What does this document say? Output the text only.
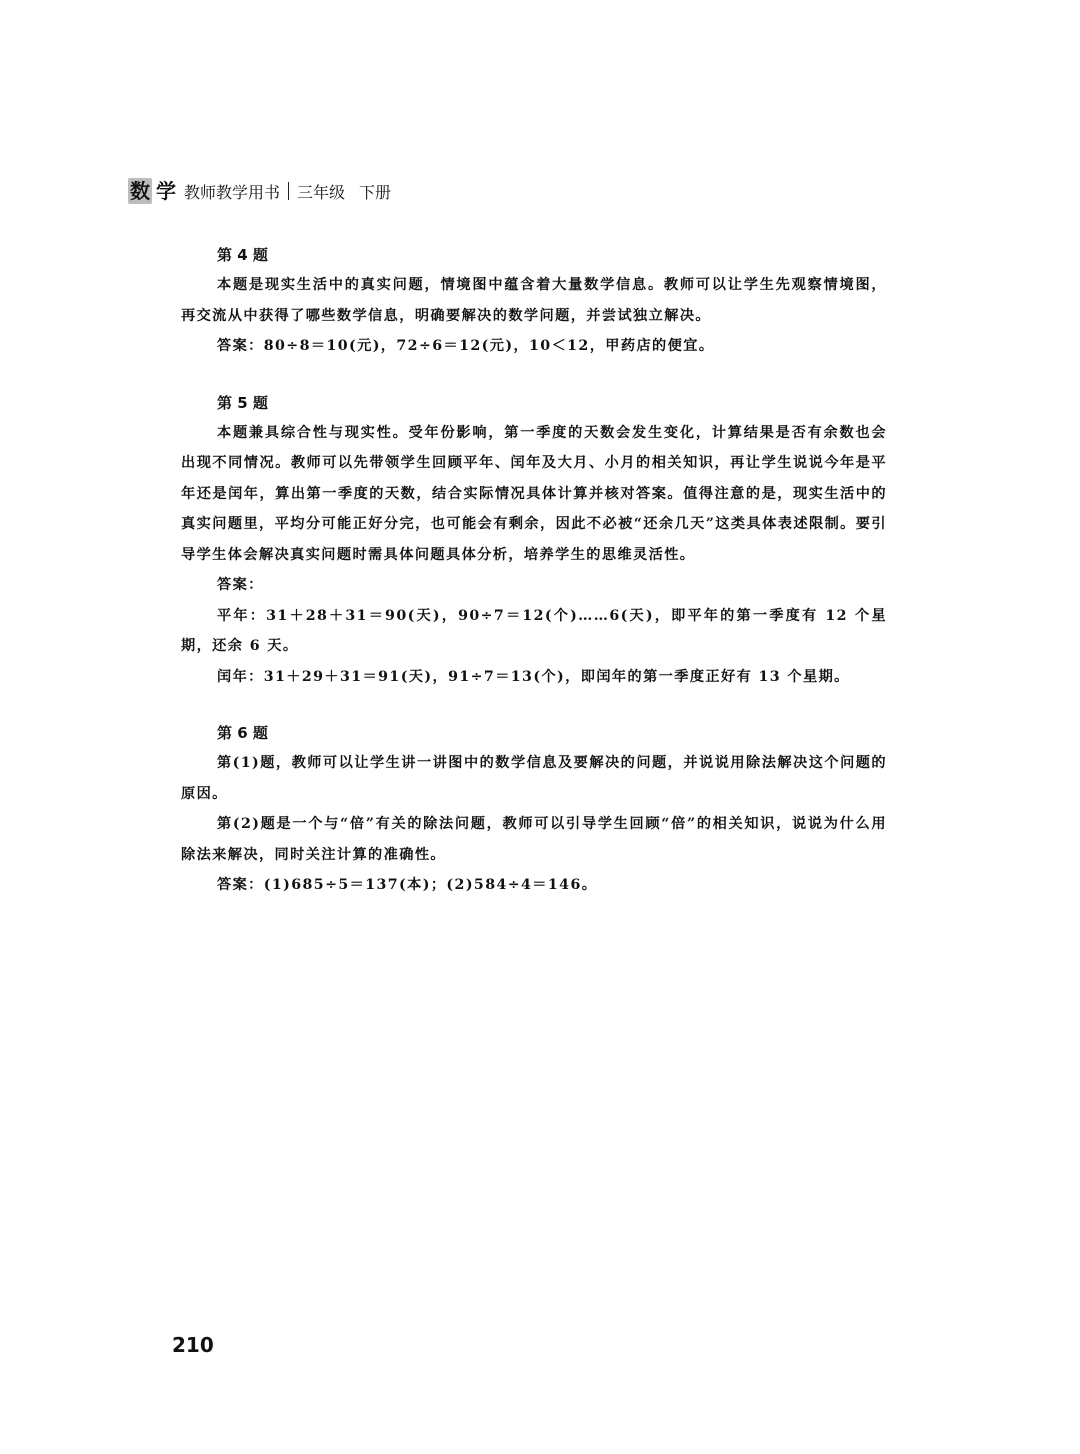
数 学 教师教学用书 三年级 下册
第 4 题

本题是现实生活中的真实问题，情境图中蕴含着大量数学信息。教师可以让学生先观察情境图，再交流从中获得了哪些数学信息，明确要解决的数学问题，并尝试独立解决。

答案：80÷8＝10(元)，72÷6＝12(元)，10＜12，甲药店的便宜。

第 5 题

本题兼具综合性与现实性。受年份影响，第一季度的天数会发生变化，计算结果是否有余数也会出现不同情况。教师可以先带领学生回顾平年、闰年及大月、小月的相关知识，再让学生说说今年是平年还是闰年，算出第一季度的天数，结合实际情况具体计算并核对答案。值得注意的是，现实生活中的真实问题里，平均分可能正好分完，也可能会有剩余，因此不必被“还余几天”这类具体表述限制。要引导学生体会解决真实问题时需具体问题具体分析，培养学生的思维灵活性。

答案：

平年：31＋28＋31＝90(天)，90÷7＝12(个)……6(天)，即平年的第一季度有 12 个星期，还余 6 天。

闰年：31＋29＋31＝91(天)，91÷7＝13(个)，即闰年的第一季度正好有 13 个星期。

第 6 题

第(1)题，教师可以让学生讲一讲图中的数学信息及要解决的问题，并说说用除法解决这个问题的原因。

第(2)题是一个与“倍”有关的除法问题，教师可以引导学生回顾“倍”的相关知识，说说为什么用除法来解决，同时关注计算的准确性。

答案：(1)685÷5＝137(本)；(2)584÷4＝146。

210
